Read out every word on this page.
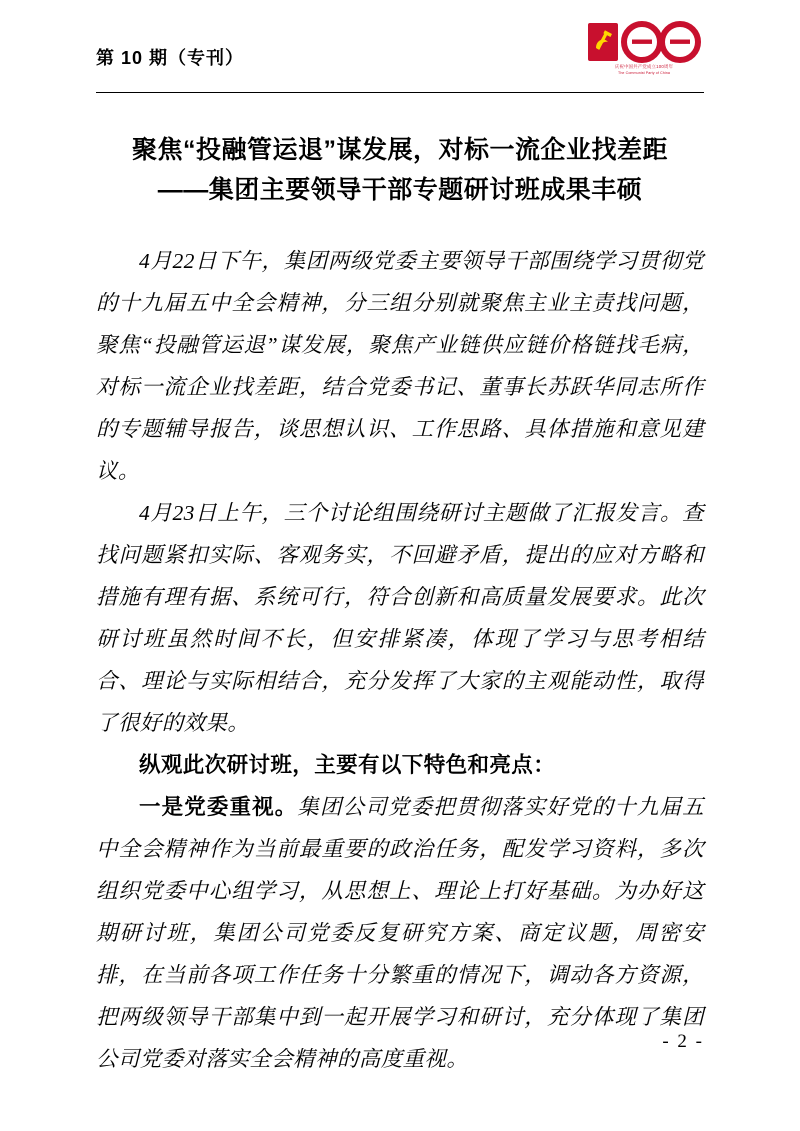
第 10 期（专刊）	庆祝中国共产党成立100周年
The Communist Party of China
聚焦“投融管运退”谋发展，对标一流企业找差距
——集团主要领导干部专题研讨班成果丰硕

4月22日下午，集团两级党委主要领导干部围绕学习贯彻党的十九届五中全会精神，分三组分别就聚焦主业主责找问题，聚焦“投融管运退”谋发展，聚焦产业链供应链价格链找毛病，对标一流企业找差距，结合党委书记、董事长苏跃华同志所作的专题辅导报告，谈思想认识、工作思路、具体措施和意见建议。

4月23日上午，三个讨论组围绕研讨主题做了汇报发言。查找问题紧扣实际、客观务实，不回避矛盾，提出的应对方略和措施有理有据、系统可行，符合创新和高质量发展要求。此次研讨班虽然时间不长，但安排紧凑，体现了学习与思考相结合、理论与实际相结合，充分发挥了大家的主观能动性，取得了很好的效果。

纵观此次研讨班，主要有以下特色和亮点：

一是党委重视。集团公司党委把贯彻落实好党的十九届五中全会精神作为当前最重要的政治任务，配发学习资料，多次组织党委中心组学习，从思想上、理论上打好基础。为办好这期研讨班，集团公司党委反复研究方案、商定议题，周密安排，在当前各项工作任务十分繁重的情况下，调动各方资源，把两级领导干部集中到一起开展学习和研讨，充分体现了集团公司党委对落实全会精神的高度重视。

- 2 -
